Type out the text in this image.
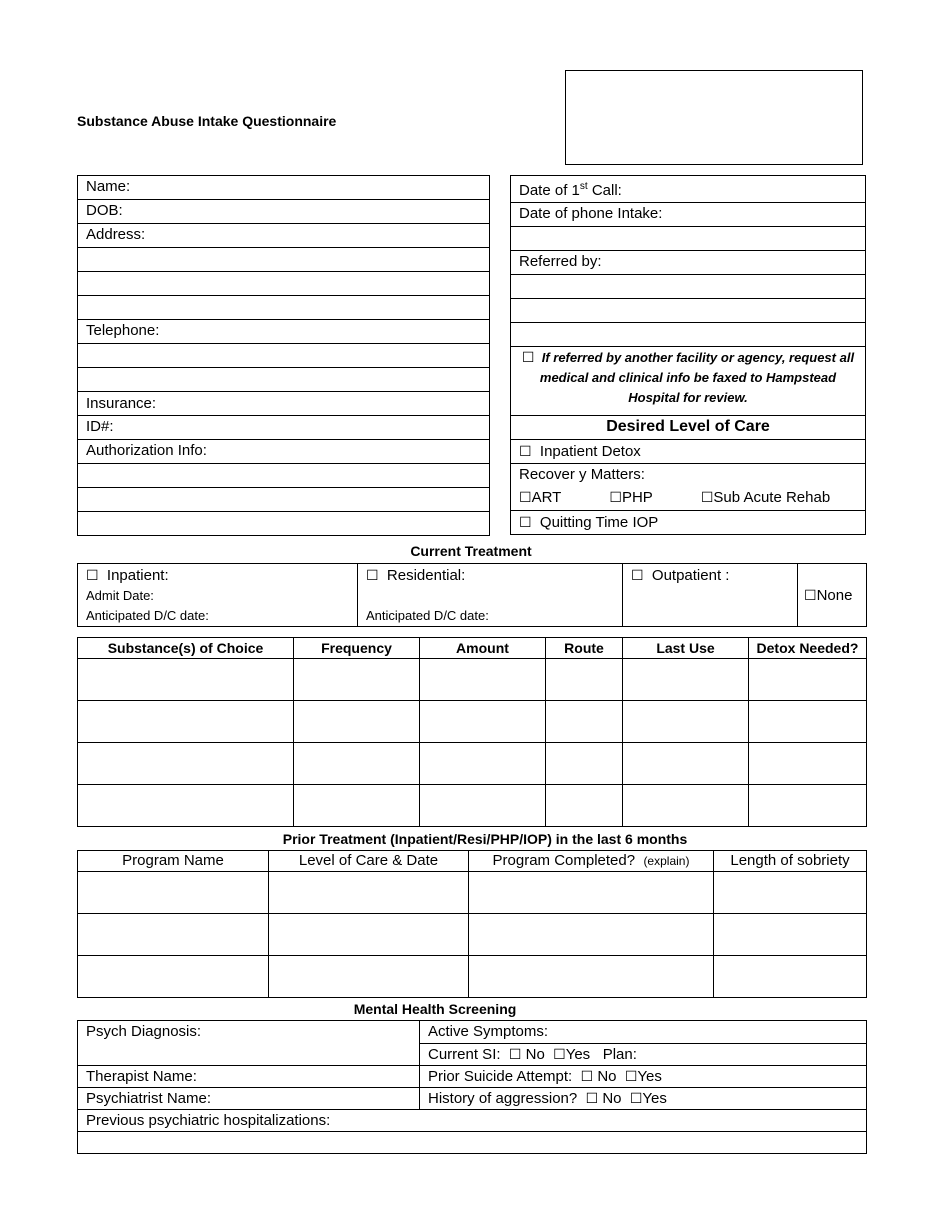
Substance Abuse Intake Questionnaire
Name:
DOB:
Address:

Telephone:

Insurance:
ID#:
Authorization Info:

Date of 1st Call:
Date of phone Intake:

Referred by:

☐ If referred by another facility or agency, request all medical and clinical info be faxed to Hampstead Hospital for review.
Desired Level of Care
☐ Inpatient Detox

Recover y Matters:
☐ART	☐PHP	☐Sub Acute Rehab

☐ Quitting Time IOP
Current Treatment
☐ Inpatient:
Admit Date:
Anticipated D/C date:

☐ Residential:
Anticipated D/C date:

☐ Outpatient :
	☐None
Substance(s) of Choice	Frequency	Amount	Route	Last Use	Detox Needed?

Prior Treatment (Inpatient/Resi/PHP/IOP) in the last 6 months
Program Name	Level of Care & Date	Program Completed? (explain)	Length of sobriety

Mental Health Screening
Psych Diagnosis:	Active Symptoms:
	Current SI: ☐ No ☐Yes Plan:
Therapist Name:	Prior Suicide Attempt: ☐ No ☐Yes
Psychiatrist Name:	History of aggression? ☐ No ☐Yes
Previous psychiatric hospitalizations:	
